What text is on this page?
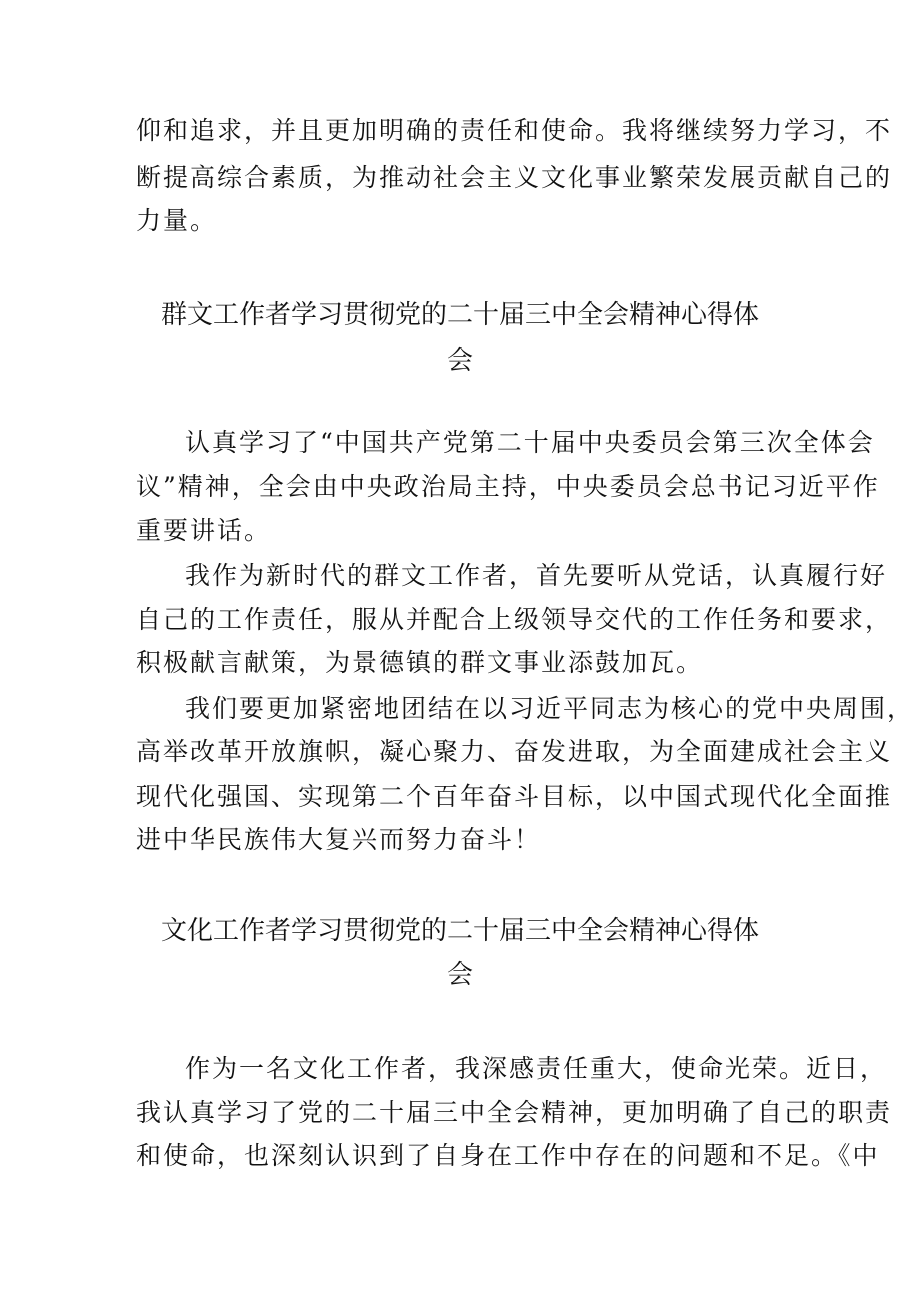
仰和追求，并且更加明确的责任和使命。我将继续努力学习，不
断提高综合素质，为推动社会主义文化事业繁荣发展贡献自己的
力量。
群文工作者学习贯彻党的二十届三中全会精神心得体
会
认真学习了“中国共产党第二十届中央委员会第三次全体会
议”精神，全会由中央政治局主持，中央委员会总书记习近平作
重要讲话。
我作为新时代的群文工作者，首先要听从党话，认真履行好
自己的工作责任，服从并配合上级领导交代的工作任务和要求，
积极献言献策，为景德镇的群文事业添鼓加瓦。
我们要更加紧密地团结在以习近平同志为核心的党中央周围，
高举改革开放旗帜，凝心聚力、奋发进取，为全面建成社会主义
现代化强国、实现第二个百年奋斗目标，以中国式现代化全面推
进中华民族伟大复兴而努力奋斗！
文化工作者学习贯彻党的二十届三中全会精神心得体
会
作为一名文化工作者，我深感责任重大，使命光荣。近日，
我认真学习了党的二十届三中全会精神，更加明确了自己的职责
和使命，也深刻认识到了自身在工作中存在的问题和不足。《中
